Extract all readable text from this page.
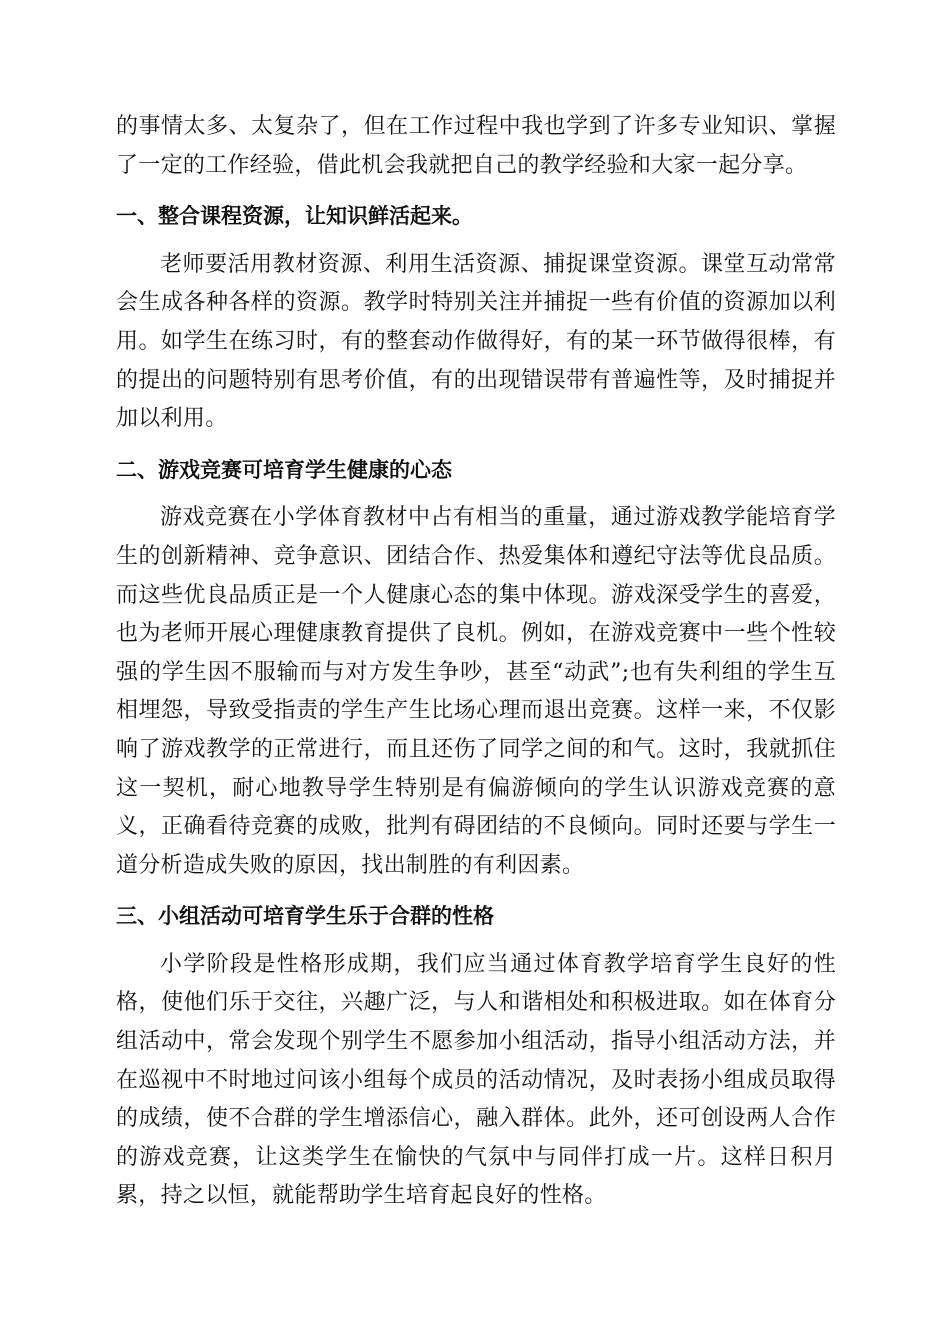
的事情太多、太复杂了，但在工作过程中我也学到了许多专业知识、掌握了一定的工作经验，借此机会我就把自己的教学经验和大家一起分享。

一、整合课程资源，让知识鲜活起来。

老师要活用教材资源、利用生活资源、捕捉课堂资源。课堂互动常常会生成各种各样的资源。教学时特别关注并捕捉一些有价值的资源加以利用。如学生在练习时，有的整套动作做得好，有的某一环节做得很棒，有的提出的问题特别有思考价值，有的出现错误带有普遍性等，及时捕捉并加以利用。

二、游戏竞赛可培育学生健康的心态

游戏竞赛在小学体育教材中占有相当的重量，通过游戏教学能培育学生的创新精神、竞争意识、团结合作、热爱集体和遵纪守法等优良品质。而这些优良品质正是一个人健康心态的集中体现。游戏深受学生的喜爱，也为老师开展心理健康教育提供了良机。例如，在游戏竞赛中一些个性较强的学生因不服输而与对方发生争吵，甚至“动武”;也有失利组的学生互相埋怨，导致受指责的学生产生比场心理而退出竞赛。这样一来，不仅影响了游戏教学的正常进行，而且还伤了同学之间的和气。这时，我就抓住这一契机，耐心地教导学生特别是有偏游倾向的学生认识游戏竞赛的意义，正确看待竞赛的成败，批判有碍团结的不良倾向。同时还要与学生一道分析造成失败的原因，找出制胜的有利因素。

三、小组活动可培育学生乐于合群的性格

小学阶段是性格形成期，我们应当通过体育教学培育学生良好的性格，使他们乐于交往，兴趣广泛，与人和谐相处和积极进取。如在体育分组活动中，常会发现个别学生不愿参加小组活动，指导小组活动方法，并在巡视中不时地过问该小组每个成员的活动情况，及时表扬小组成员取得的成绩，使不合群的学生增添信心，融入群体。此外，还可创设两人合作的游戏竞赛，让这类学生在愉快的气氛中与同伴打成一片。这样日积月累，持之以恒，就能帮助学生培育起良好的性格。
